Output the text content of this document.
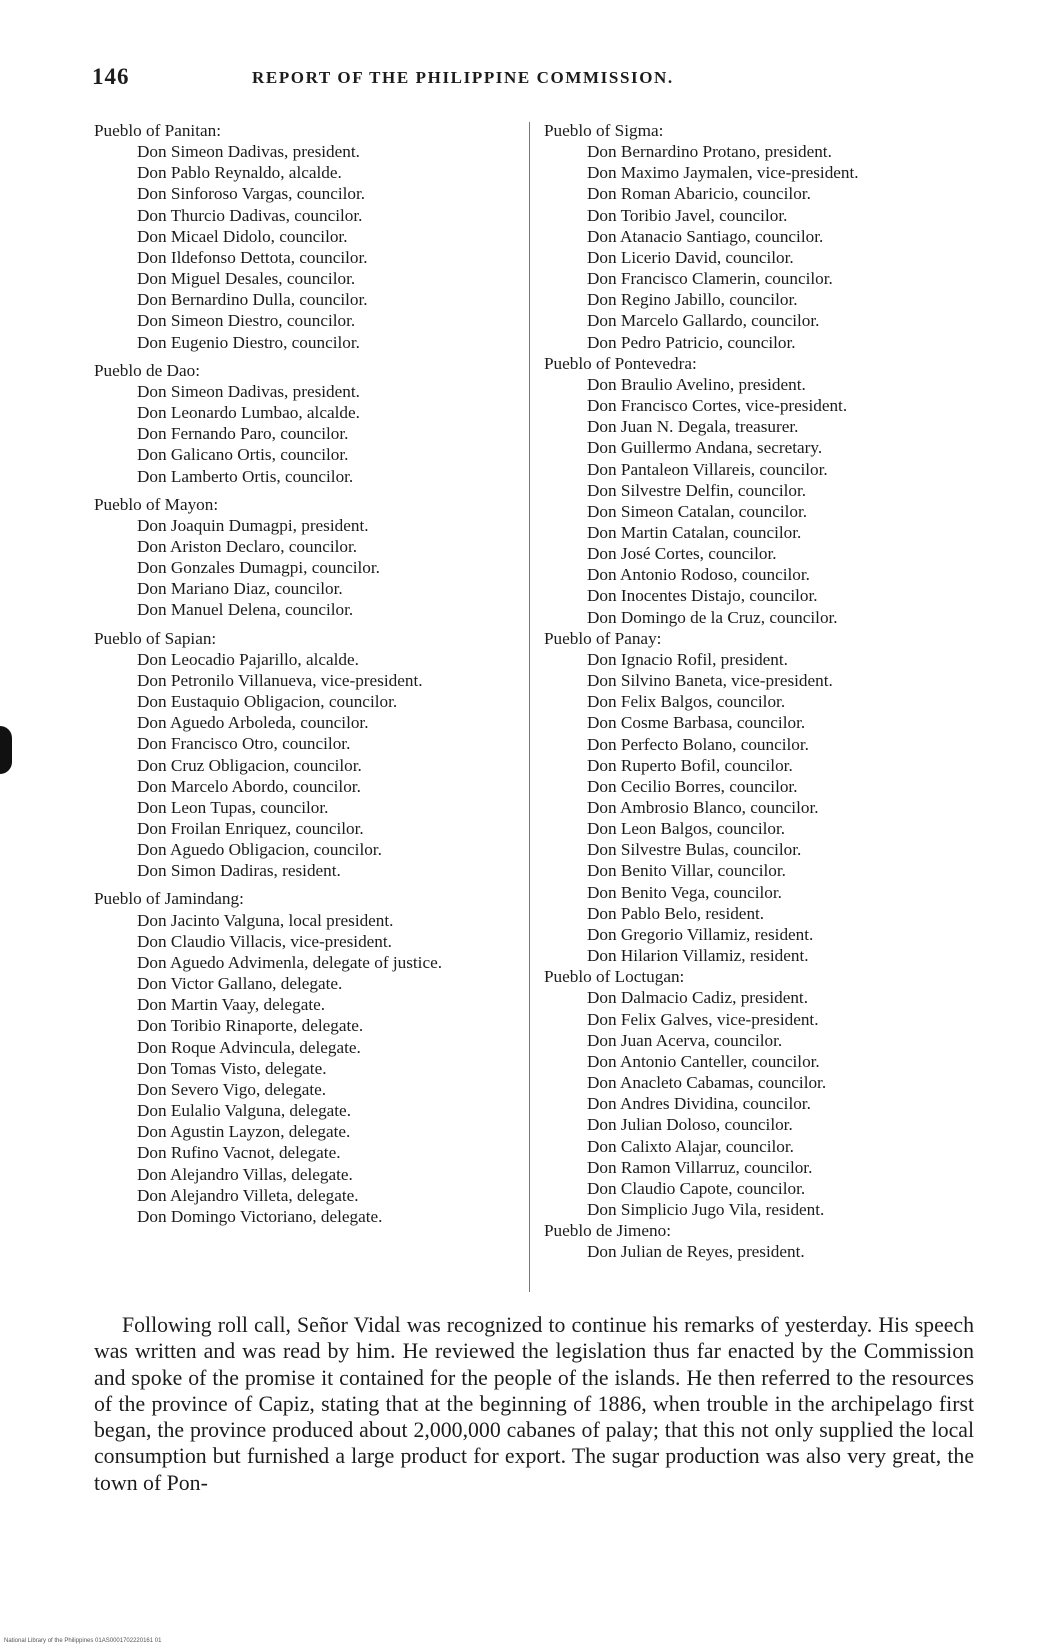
146	REPORT OF THE PHILIPPINE COMMISSION.
Pueblo of Panitan:
Don Simeon Dadivas, president.
Don Pablo Reynaldo, alcalde.
Don Sinforoso Vargas, councilor.
Don Thurcio Dadivas, councilor.
Don Micael Didolo, councilor.
Don Ildefonso Dettota, councilor.
Don Miguel Desales, councilor.
Don Bernardino Dulla, councilor.
Don Simeon Diestro, councilor.
Don Eugenio Diestro, councilor.
Pueblo de Dao:
Don Simeon Dadivas, president.
Don Leonardo Lumbao, alcalde.
Don Fernando Paro, councilor.
Don Galicano Ortis, councilor.
Don Lamberto Ortis, councilor.
Pueblo of Mayon:
Don Joaquin Dumagpi, president.
Don Ariston Declaro, councilor.
Don Gonzales Dumagpi, councilor.
Don Mariano Diaz, councilor.
Don Manuel Delena, councilor.
Pueblo of Sapian:
Don Leocadio Pajarillo, alcalde.
Don Petronilo Villanueva, vice-president.
Don Eustaquio Obligacion, councilor.
Don Aguedo Arboleda, councilor.
Don Francisco Otro, councilor.
Don Cruz Obligacion, councilor.
Don Marcelo Abordo, councilor.
Don Leon Tupas, councilor.
Don Froilan Enriquez, councilor.
Don Aguedo Obligacion, councilor.
Don Simon Dadiras, resident.
Pueblo of Jamindang:
Don Jacinto Valguna, local president.
Don Claudio Villacis, vice-president.
Don Aguedo Advimenla, delegate of justice.
Don Victor Gallano, delegate.
Don Martin Vaay, delegate.
Don Toribio Rinaporte, delegate.
Don Roque Advincula, delegate.
Don Tomas Visto, delegate.
Don Severo Vigo, delegate.
Don Eulalio Valguna, delegate.
Don Agustin Layzon, delegate.
Don Rufino Vacnot, delegate.
Don Alejandro Villas, delegate.
Don Alejandro Villeta, delegate.
Don Domingo Victoriano, delegate.
Pueblo of Sigma:
Don Bernardino Protano, president.
Don Maximo Jaymalen, vice-president.
Don Roman Abaricio, councilor.
Don Toribio Javel, councilor.
Don Atanacio Santiago, councilor.
Don Licerio David, councilor.
Don Francisco Clamerin, councilor.
Don Regino Jabillo, councilor.
Don Marcelo Gallardo, councilor.
Don Pedro Patricio, councilor.
Pueblo of Pontevedra:
Don Braulio Avelino, president.
Don Francisco Cortes, vice-president.
Don Juan N. Degala, treasurer.
Don Guillermo Andana, secretary.
Don Pantaleon Villareis, councilor.
Don Silvestre Delfin, councilor.
Don Simeon Catalan, councilor.
Don Martin Catalan, councilor.
Don José Cortes, councilor.
Don Antonio Rodoso, councilor.
Don Inocentes Distajo, councilor.
Don Domingo de la Cruz, councilor.
Pueblo of Panay:
Don Ignacio Rofil, president.
Don Silvino Baneta, vice-president.
Don Felix Balgos, councilor.
Don Cosme Barbasa, councilor.
Don Perfecto Bolano, councilor.
Don Ruperto Bofil, councilor.
Don Cecilio Borres, councilor.
Don Ambrosio Blanco, councilor.
Don Leon Balgos, councilor.
Don Silvestre Bulas, councilor.
Don Benito Villar, councilor.
Don Benito Vega, councilor.
Don Pablo Belo, resident.
Don Gregorio Villamiz, resident.
Don Hilarion Villamiz, resident.
Pueblo of Loctugan:
Don Dalmacio Cadiz, president.
Don Felix Galves, vice-president.
Don Juan Acerva, councilor.
Don Antonio Canteller, councilor.
Don Anacleto Cabamas, councilor.
Don Andres Dividina, councilor.
Don Julian Doloso, councilor.
Don Calixto Alajar, councilor.
Don Ramon Villarruz, councilor.
Don Claudio Capote, councilor.
Don Simplicio Jugo Vila, resident.
Pueblo de Jimeno:
Don Julian de Reyes, president.

Following roll call, Señor Vidal was recognized to continue his remarks of yesterday. His speech was written and was read by him. He reviewed the legislation thus far enacted by the Commission and spoke of the promise it contained for the people of the islands. He then referred to the resources of the province of Capiz, stating that at the beginning of 1886, when trouble in the archipelago first began, the province produced about 2,000,000 cabanes of palay; that this not only supplied the local consumption but furnished a large product for export. The sugar production was also very great, the town of Pon-

National Library of the Philippines 01AS0001702220161 01
